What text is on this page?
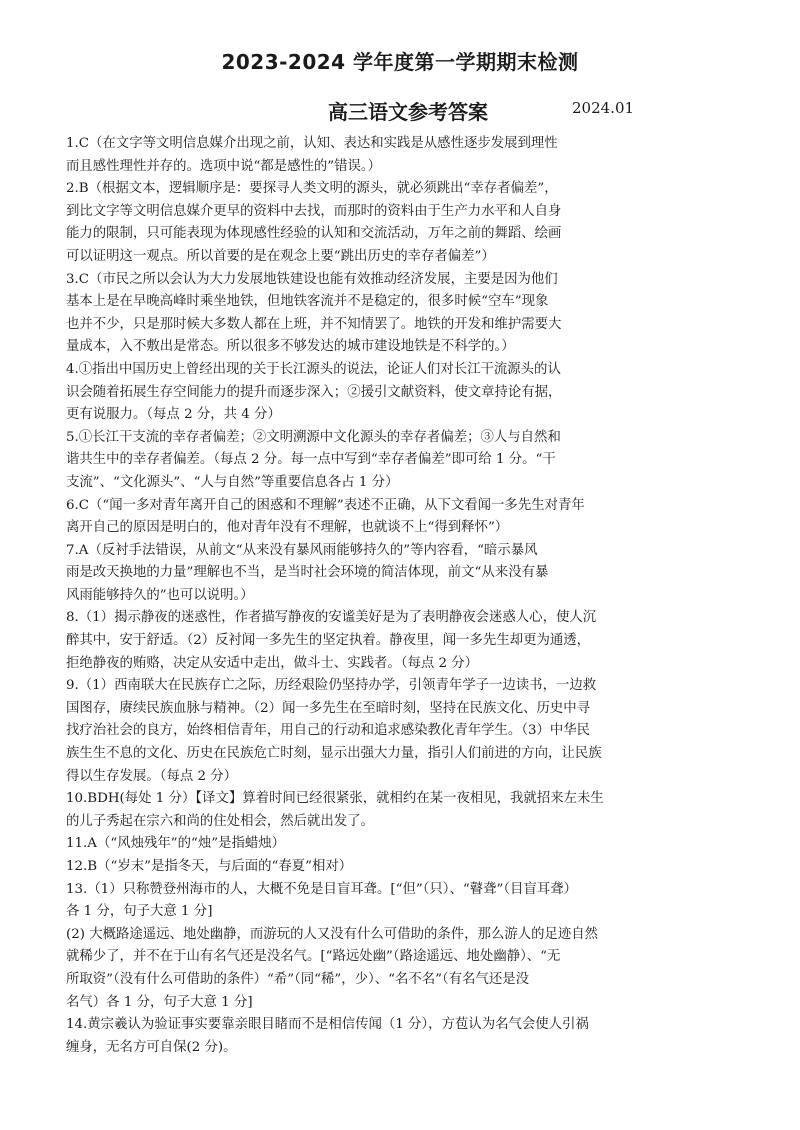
2023-2024 学年度第一学期期末检测
高三语文参考答案	2024.01
1.C（在文字等文明信息媒介出现之前，认知、表达和实践是从感性逐步发展到理性
而且感性理性并存的。选项中说“都是感性的”错误。）
2.B（根据文本，逻辑顺序是：要探寻人类文明的源头，就必须跳出“幸存者偏差”，
到比文字等文明信息媒介更早的资料中去找，而那时的资料由于生产力水平和人自身
能力的限制，只可能表现为体现感性经验的认知和交流活动，万年之前的舞蹈、绘画
可以证明这一观点。所以首要的是在观念上要“跳出历史的幸存者偏差”）
3.C（市民之所以会认为大力发展地铁建设也能有效推动经济发展，主要是因为他们
基本上是在早晚高峰时乘坐地铁，但地铁客流并不是稳定的，很多时候“空车”现象
也并不少，只是那时候大多数人都在上班，并不知情罢了。地铁的开发和维护需要大
量成本，入不敷出是常态。所以很多不够发达的城市建设地铁是不科学的。）
4.①指出中国历史上曾经出现的关于长江源头的说法，论证人们对长江干流源头的认
识会随着拓展生存空间能力的提升而逐步深入；②援引文献资料，使文章持论有据，
更有说服力。（每点 2 分，共 4 分）
5.①长江干支流的幸存者偏差；②文明溯源中文化源头的幸存者偏差；③人与自然和
谐共生中的幸存者偏差。（每点 2 分。每一点中写到“幸存者偏差”即可给 1 分。“干
支流”、“文化源头”、“人与自然”等重要信息各占 1 分）
6.C（“闻一多对青年离开自己的困惑和不理解”表述不正确，从下文看闻一多先生对青年
离开自己的原因是明白的，他对青年没有不理解，也就谈不上“得到释怀”）
7.A（反衬手法错误，从前文“从来没有暴风雨能够持久的”等内容看，“暗示暴风
雨是改天换地的力量”理解也不当，是当时社会环境的简洁体现，前文“从来没有暴
风雨能够持久的”也可以说明。）
8.（1）揭示静夜的迷惑性，作者描写静夜的安谧美好是为了表明静夜会迷惑人心，使人沉
醉其中，安于舒适。（2）反衬闻一多先生的坚定执着。静夜里，闻一多先生却更为通透，
拒绝静夜的贿赂，决定从安适中走出，做斗士、实践者。（每点 2 分）
9.（1）西南联大在民族存亡之际，历经艰险仍坚持办学，引领青年学子一边读书，一边救
国图存，赓续民族血脉与精神。（2）闻一多先生在至暗时刻，坚持在民族文化、历史中寻
找疗治社会的良方，始终相信青年，用自己的行动和追求感染教化青年学生。（3）中华民
族生生不息的文化、历史在民族危亡时刻，显示出强大力量，指引人们前进的方向，让民族
得以生存发展。（每点 2 分）
10.BDH(每处 1 分）【译文】算着时间已经很紧张，就相约在某一夜相见，我就招来左未生
的儿子秀起在宗六和尚的住处相会，然后就出发了。
11.A（“风烛残年”的“烛”是指蜡烛）
12.B（“岁末”是指冬天，与后面的“春夏”相对）
13.（1）只称赞登州海市的人，大概不免是目盲耳聋。[“但”（只）、“瞽聋”（目盲耳聋）
各 1 分，句子大意 1 分]
(2) 大概路途遥远、地处幽静，而游玩的人又没有什么可借助的条件，那么游人的足迹自然
就稀少了，并不在于山有名气还是没名气。[“路远处幽”（路途遥远、地处幽静）、“无
所取资”（没有什么可借助的条件）“希”（同“稀”，少）、“名不名”（有名气还是没
名气）各 1 分，句子大意 1 分]
14.黄宗羲认为验证事实要靠亲眼目睹而不是相信传闻（1 分），方苞认为名气会使人引祸
缠身，无名方可自保(2 分)。
